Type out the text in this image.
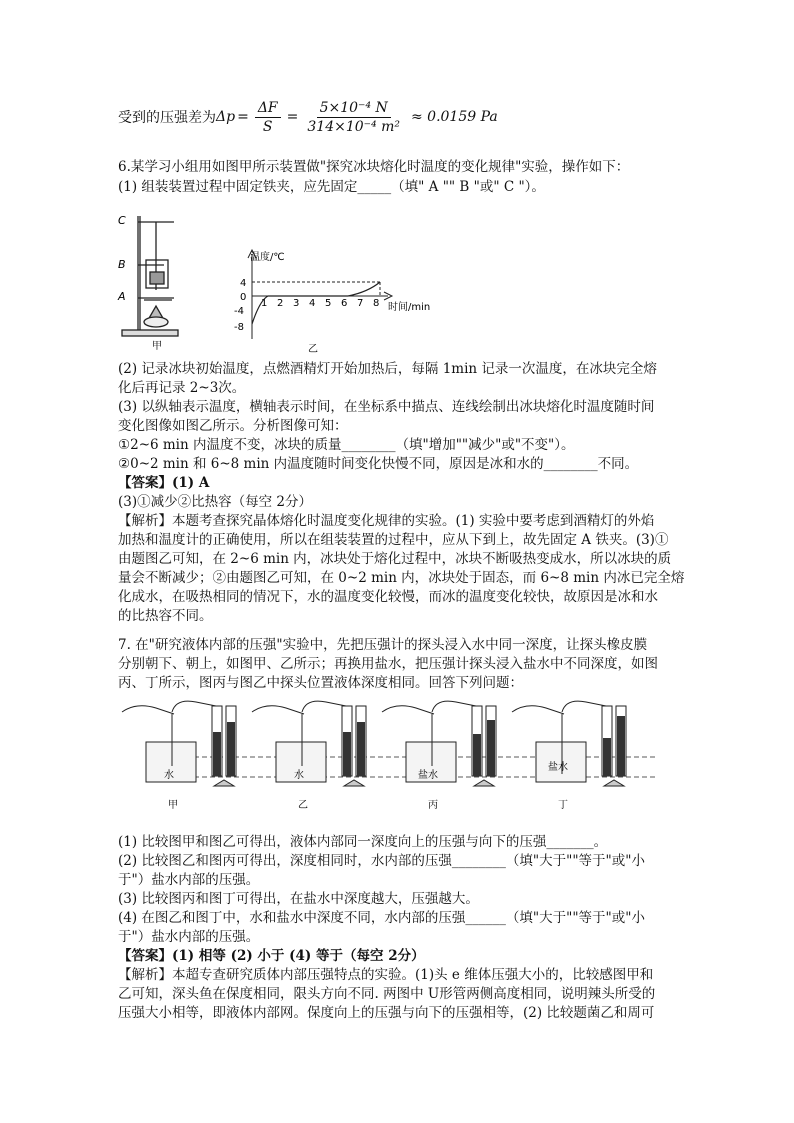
受到的压强差为 $\Delta p = \frac{\Delta F}{S} = \frac{\text{5×10⁻⁴ N}}{\text{314×10⁻⁴ m²}} \approx 0.0159$ Pa
6.某学习小组用如图甲所示装置做"探究冰块熔化时温度的变化规律"实验，操作如下：
(1) 组装装置过程中固定铁夹，应先固定_____（填" A "" B "或" C "）。
C
B
A
甲
温度/℃
时间/min
4
0
-4
-8
1 2 3 4 5 6 7 8
乙
(2) 记录冰块初始温度，点燃酒精灯开始加热后，每隔 1min 记录一次温度，在冰块完全熔
化后再记录 2~3次。
(3) 以纵轴表示温度，横轴表示时间，在坐标系中描点、连线绘制出冰块熔化时温度随时间
变化图像如图乙所示。分析图像可知：
①2~6 min 内温度不变，冰块的质量________（填"增加""减少"或"不变"）。
②0~2 min 和 6~8 min 内温度随时间变化快慢不同，原因是冰和水的________不同。
【答案】(1) A
(3)①减少②比热容（每空 2分）
【解析】本题考查探究晶体熔化时温度变化规律的实验。(1) 实验中要考虑到酒精灯的外焰
加热和温度计的正确使用，所以在组装装置的过程中，应从下到上，故先固定 A 铁夹。(3)①
由题图乙可知，在 2~6 min 内，冰块处于熔化过程中，冰块不断吸热变成水，所以冰块的质
量会不断减少；②由题图乙可知，在 0~2 min 内，冰块处于固态，而 6~8 min 内冰已完全熔
化成水，在吸热相同的情况下，水的温度变化较慢，而冰的温度变化较快，故原因是冰和水
的比热容不同。
7. 在"研究液体内部的压强"实验中，先把压强计的探头浸入水中同一深度，让探头橡皮膜
分别朝下、朝上，如图甲、乙所示；再换用盐水，把压强计探头浸入盐水中不同深度，如图
丙、丁所示，图丙与图乙中探头位置液体深度相同。回答下列问题：
水
甲
水
乙
盐水
丙
盐水
丁
(1) 比较图甲和图乙可得出，液体内部同一深度向上的压强与向下的压强_______。
(2) 比较图乙和图丙可得出，深度相同时，水内部的压强________（填"大于""等于"或"小
于"）盐水内部的压强。
(3) 比较图丙和图丁可得出，在盐水中深度越大，压强越大。
(4) 在图乙和图丁中，水和盐水中深度不同，水内部的压强______（填"大于""等于"或"小
于"）盐水内部的压强。
【答案】(1) 相等 (2) 小于 (4) 等于（每空 2分）
【解析】本超专查研究质体内部压强特点的实验。(1)头 e 维体压强大小的，比较感图甲和
乙可知，深头鱼在保度相同，限头方向不同. 两图中 U形管两侧高度相同，说明辣头所受的
压强大小相等，即液体内部网。保度向上的压强与向下的压强相等，(2) 比较题菌乙和周可
